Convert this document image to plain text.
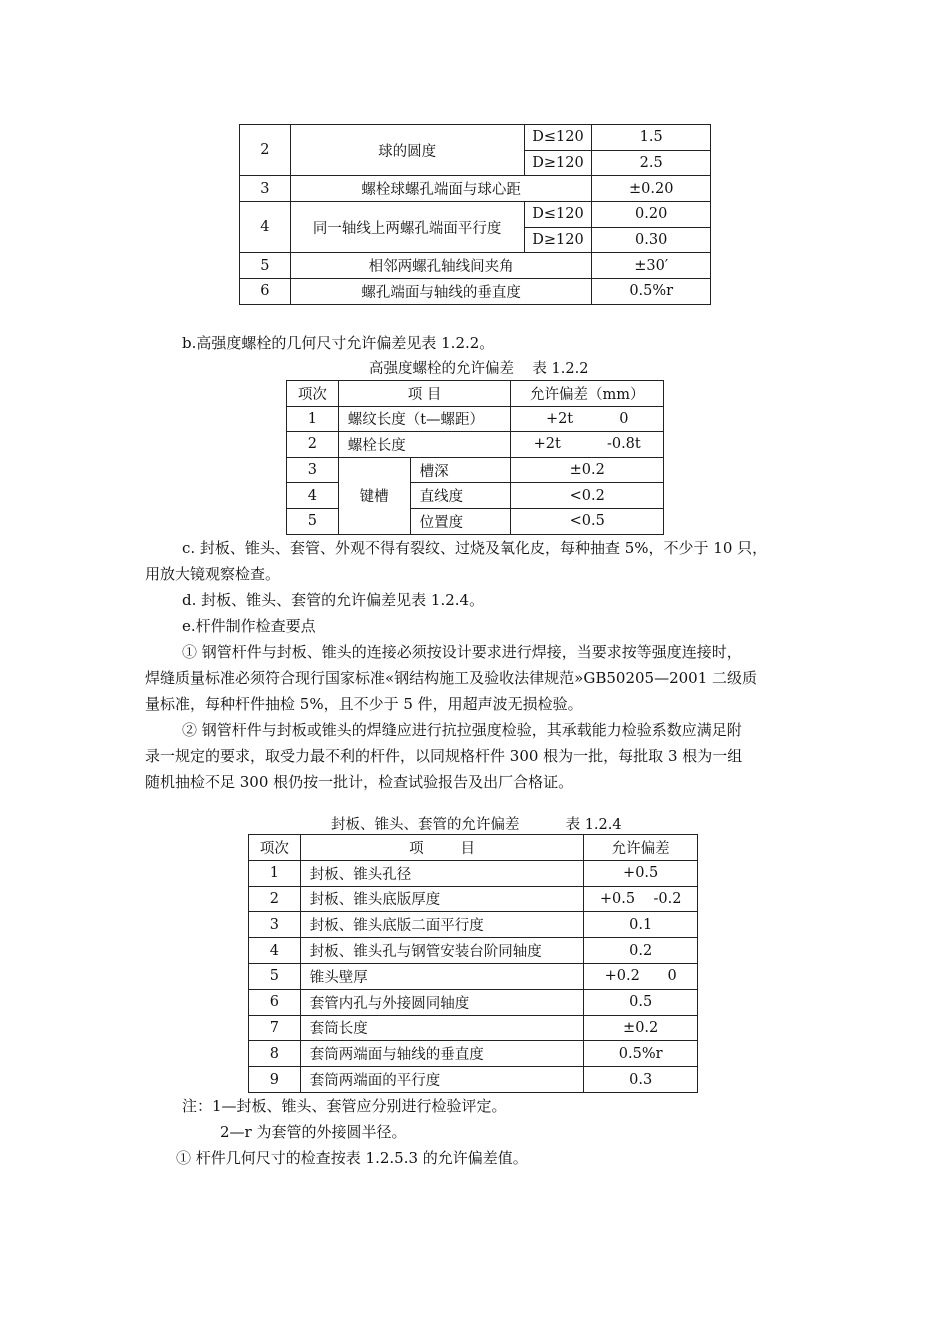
2	球的圆度	D≤120	1.5
		D≥120	2.5
3	螺栓球螺孔端面与球心距		±0.20
4	同一轴线上两螺孔端面平行度	D≤120	0.20
		D≥120	0.30
5	相邻两螺孔轴线间夹角		±30′
6	螺孔端面与轴线的垂直度		0.5%r
b.高强度螺栓的几何尺寸允许偏差见表 1.2.2。
高强度螺栓的允许偏差    表 1.2.2
项次	项 目		允许偏差（mm）
1	螺纹长度（t—螺距）		+2t          0
2	螺栓长度		+2t          -0.8t
3	键槽	槽深	±0.2
4		直线度	<0.2
5		位置度	<0.5
c. 封板、锥头、套管、外观不得有裂纹、过烧及氧化皮，每种抽查 5%，不少于 10 只，
用放大镜观察检查。
d. 封板、锥头、套管的允许偏差见表 1.2.4。
e.杆件制作检查要点
① 钢管杆件与封板、锥头的连接必须按设计要求进行焊接，当要求按等强度连接时，
焊缝质量标准必须符合现行国家标准«钢结构施工及验收法律规范»GB50205—2001 二级质
量标准，每种杆件抽检 5%，且不少于 5 件，用超声波无损检验。
② 钢管杆件与封板或锥头的焊缝应进行抗拉强度检验，其承载能力检验系数应满足附
录一规定的要求，取受力最不利的杆件，以同规格杆件 300 根为一批，每批取 3 根为一组
随机抽检不足 300 根仍按一批计，检查试验报告及出厂合格证。
封板、锥头、套管的允许偏差          表 1.2.4
项次	项        目	允许偏差
1	封板、锥头孔径	+0.5
2	封板、锥头底版厚度	+0.5    -0.2
3	封板、锥头底版二面平行度	0.1
4	封板、锥头孔与钢管安装台阶同轴度	0.2
5	锥头壁厚	+0.2      0
6	套管内孔与外接圆同轴度	0.5
7	套筒长度	±0.2
8	套筒两端面与轴线的垂直度	0.5%r
9	套筒两端面的平行度	0.3
注：1—封板、锥头、套管应分别进行检验评定。
2—r 为套管的外接圆半径。
① 杆件几何尺寸的检查按表 1.2.5.3 的允许偏差值。
